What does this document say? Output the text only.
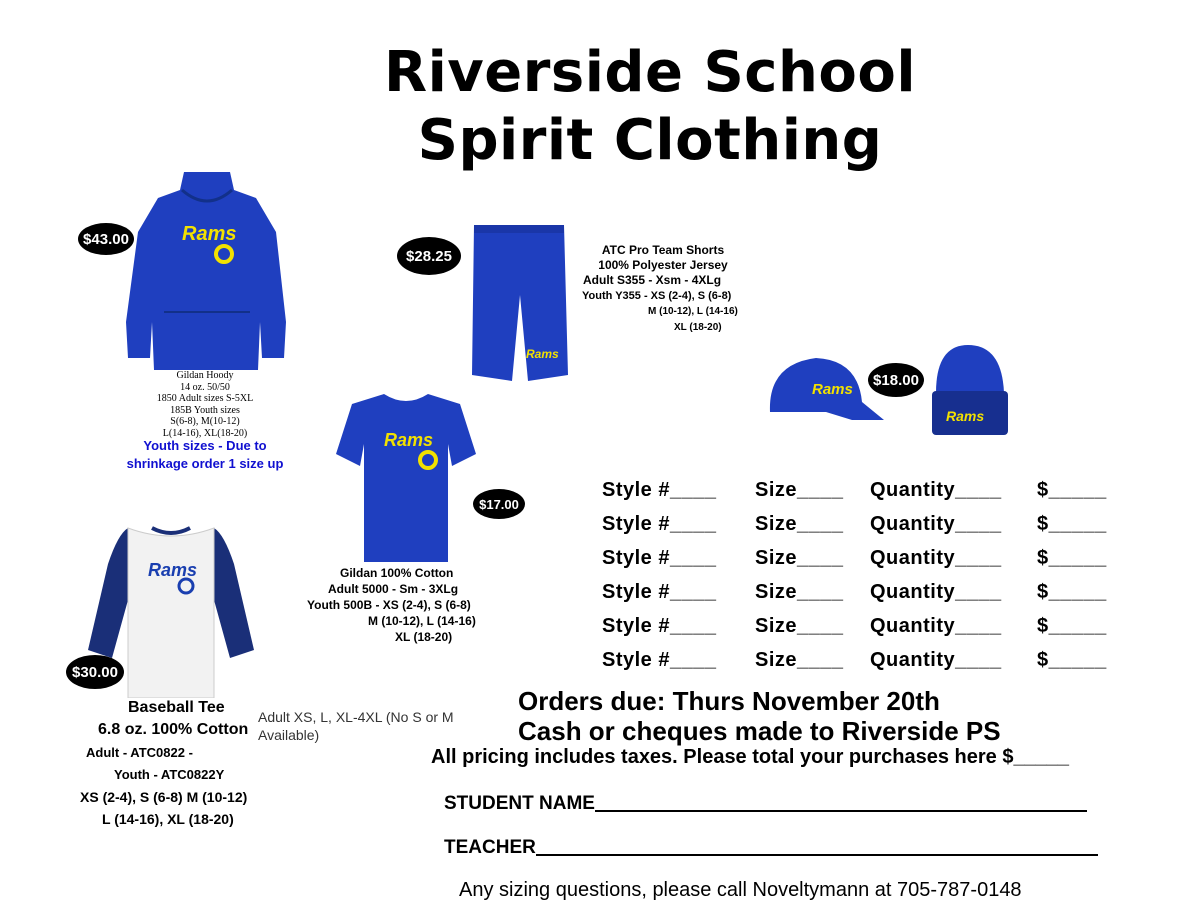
Riverside School
Spirit Clothing
Rams
$43.00
Gildan Hoody
14 oz. 50/50
1850 Adult sizes S-5XL
185B Youth sizes
S(6-8), M(10-12)
L(14-16), XL(18-20)
Youth sizes - Due to
shrinkage order 1 size up
Rams
$28.25	ATC Pro Team Shorts
100% Polyester Jersey
Adult S355 - Xsm - 4XLg
Youth Y355 - XS (2-4), S (6-8)
M (10-12), L (14-16)
XL (18-20)
Rams
Rams
$18.00
Rams
$17.00
Gildan 100% Cotton
Adult 5000 - Sm - 3XLg
Youth 500B - XS (2-4), S (6-8)
M (10-12), L (14-16)
XL (18-20)
Rams
$30.00
Baseball Tee
6.8 oz. 100% Cotton
Adult - ATC0822 -
Youth - ATC0822Y
XS (2-4), S (6-8) M (10-12)
L (14-16), XL (18-20)
Adult XS, L, XL-4XL (No S or M Available)
Style #____ Size____ Quantity____ $_____
Style #____ Size____ Quantity____ $_____
Style #____ Size____ Quantity____ $_____
Style #____ Size____ Quantity____ $_____
Style #____ Size____ Quantity____ $_____
Style #____ Size____ Quantity____ $_____
Orders due: Thurs November 20th
Cash or cheques made to Riverside PS
All pricing includes taxes. Please total your purchases here $_____
STUDENT NAME
TEACHER
Any sizing questions, please call Noveltymann at 705-787-0148
